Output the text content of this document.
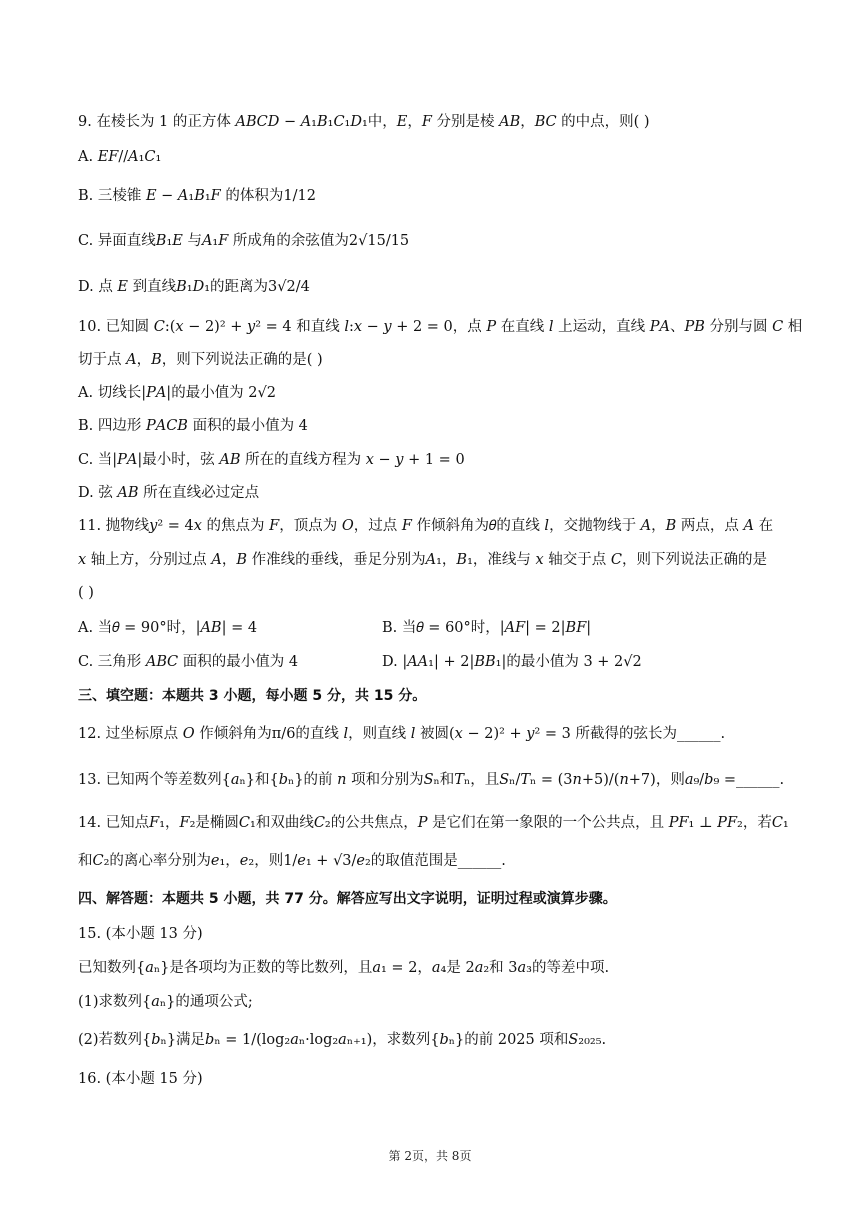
9. 在棱长为 1 的正方体 𝐴𝐵𝐶𝐷 − 𝐴₁𝐵₁𝐶₁𝐷₁中，𝐸，𝐹 分别是棱 𝐴𝐵，𝐵𝐶 的中点，则( )
A. 𝐸𝐹//𝐴₁𝐶₁
B. 三棱锥 𝐸 − 𝐴₁𝐵₁𝐹 的体积为1/12
C. 异面直线𝐵₁𝐸 与𝐴₁𝐹 所成角的余弦值为2√15/15
D. 点 𝐸 到直线𝐵₁𝐷₁的距离为3√2/4
10. 已知圆 𝐶:(𝑥 − 2)² + 𝑦² = 4 和直线 𝑙:𝑥 − 𝑦 + 2 = 0，点 𝑃 在直线 𝑙 上运动，直线 𝑃𝐴、𝑃𝐵 分别与圆 𝐶 相
切于点 𝐴，𝐵，则下列说法正确的是( )
A. 切线长|𝑃𝐴|的最小值为 2√2
B. 四边形 𝑃𝐴𝐶𝐵 面积的最小值为 4
C. 当|𝑃𝐴|最小时，弦 𝐴𝐵 所在的直线方程为 𝑥 − 𝑦 + 1 = 0
D. 弦 𝐴𝐵 所在直线必过定点
11. 抛物线𝑦² = 4𝑥 的焦点为 𝐹，顶点为 𝑂，过点 𝐹 作倾斜角为𝜃的直线 𝑙，交抛物线于 𝐴，𝐵 两点，点 𝐴 在
𝑥 轴上方，分别过点 𝐴，𝐵 作准线的垂线，垂足分别为𝐴₁，𝐵₁，准线与 𝑥 轴交于点 𝐶，则下列说法正确的是
( )
A. 当𝜃 = 90°时，|𝐴𝐵| = 4	B. 当𝜃 = 60°时，|𝐴𝐹| = 2|𝐵𝐹|
C. 三角形 𝐴𝐵𝐶 面积的最小值为 4	D. |𝐴𝐴₁| + 2|𝐵𝐵₁|的最小值为 3 + 2√2
三、填空题：本题共 3 小题，每小题 5 分，共 15 分。
12. 过坐标原点 𝑂 作倾斜角为π/6的直线 𝑙，则直线 𝑙 被圆(𝑥 − 2)² + 𝑦² = 3 所截得的弦长为______.
13. 已知两个等差数列{𝑎ₙ}和{𝑏ₙ}的前 𝑛 项和分别为𝑆ₙ和𝑇ₙ，且𝑆ₙ/𝑇ₙ = (3𝑛+5)/(𝑛+7)，则𝑎₉/𝑏₉ =______.
14. 已知点𝐹₁，𝐹₂是椭圆𝐶₁和双曲线𝐶₂的公共焦点，𝑃 是它们在第一象限的一个公共点，且 𝑃𝐹₁ ⊥ 𝑃𝐹₂，若𝐶₁
和𝐶₂的离心率分别为𝑒₁，𝑒₂，则1/𝑒₁ + √3/𝑒₂的取值范围是______.
四、解答题：本题共 5 小题，共 77 分。解答应写出文字说明，证明过程或演算步骤。
15. (本小题 13 分)
已知数列{𝑎ₙ}是各项均为正数的等比数列，且𝑎₁ = 2，𝑎₄是 2𝑎₂和 3𝑎₃的等差中项.
(1)求数列{𝑎ₙ}的通项公式;
(2)若数列{𝑏ₙ}满足𝑏ₙ = 1/(log₂𝑎ₙ·log₂𝑎ₙ₊₁)，求数列{𝑏ₙ}的前 2025 项和𝑆₂₀₂₅.
16. (本小题 15 分)
第 2页，共 8页
